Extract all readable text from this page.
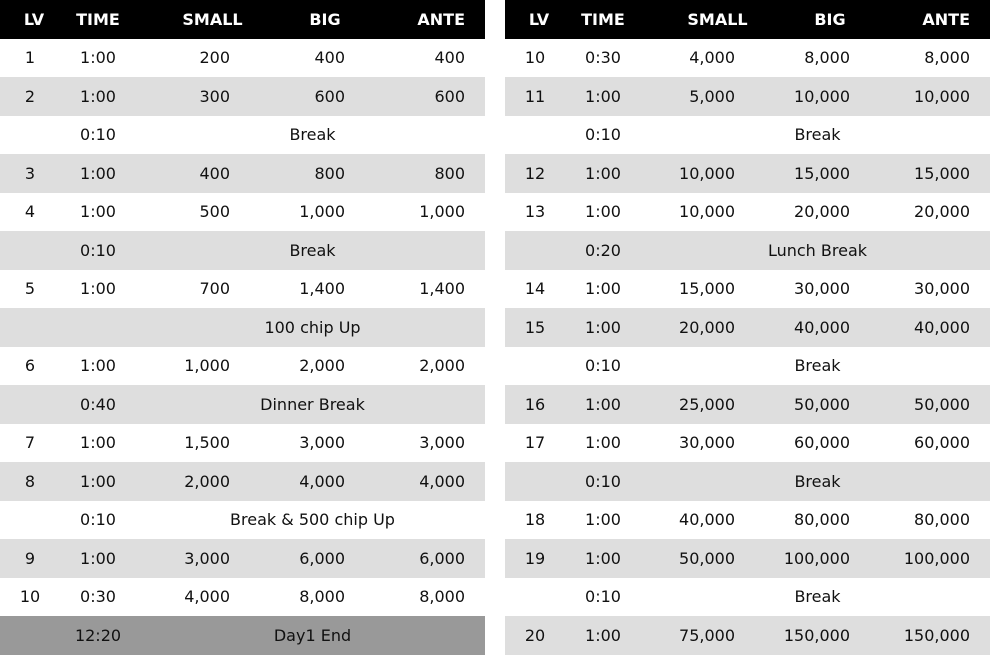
LV	TIME	SMALL	BIG	ANTE
1	1:00	200	400	400
2	1:00	300	600	600
0:10	Break
3	1:00	400	800	800
4	1:00	500	1,000	1,000
0:10	Break
5	1:00	700	1,400	1,400
100 chip Up
6	1:00	1,000	2,000	2,000
0:40	Dinner Break
7	1:00	1,500	3,000	3,000
8	1:00	2,000	4,000	4,000
0:10	Break & 500 chip Up
9	1:00	3,000	6,000	6,000
10	0:30	4,000	8,000	8,000
12:20	Day1 End
LV	TIME	SMALL	BIG	ANTE
10	0:30	4,000	8,000	8,000
11	1:00	5,000	10,000	10,000
0:10	Break
12	1:00	10,000	15,000	15,000
13	1:00	10,000	20,000	20,000
0:20	Lunch Break
14	1:00	15,000	30,000	30,000
15	1:00	20,000	40,000	40,000
0:10	Break
16	1:00	25,000	50,000	50,000
17	1:00	30,000	60,000	60,000
0:10	Break
18	1:00	40,000	80,000	80,000
19	1:00	50,000	100,000	100,000
0:10	Break
20	1:00	75,000	150,000	150,000
